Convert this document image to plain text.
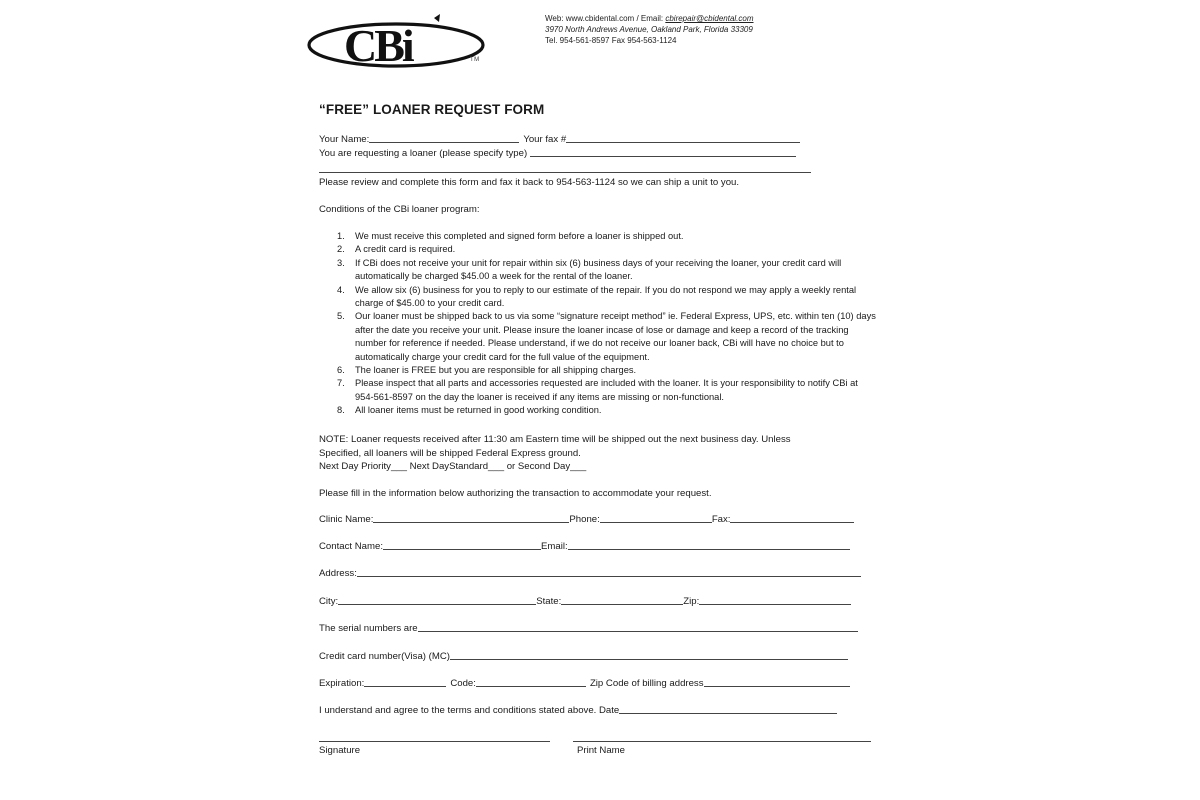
CBi	TM
Web: www.cbidental.com / Email: cbirepair@cbidental.com
3970 North Andrews Avenue, Oakland Park, Florida 33309
Tel. 954-561-8597 Fax 954-563-1124
“FREE” LOANER REQUEST FORM
Your Name:	Your fax #
You are requesting a loaner (please specify type)
Please review and complete this form and fax it back to 954-563-1124 so we can ship a unit to you.
Conditions of the CBi loaner program:
1.	We must receive this completed and signed form before a loaner is shipped out.
2.	A credit card is required.
3.	If CBi does not receive your unit for repair within six (6) business days of your receiving the loaner, your credit card will automatically be charged $45.00 a week for the rental of the loaner.
4.	We allow six (6) business for you to reply to our estimate of the repair. If you do not respond we may apply a weekly rental charge of $45.00 to your credit card.
5.	Our loaner must be shipped back to us via some “signature receipt method” ie. Federal Express, UPS, etc. within ten (10) days after the date you receive your unit. Please insure the loaner incase of lose or damage and keep a record of the tracking number for reference if needed. Please understand, if we do not receive our loaner back, CBi will have no choice but to automatically charge your credit card for the full value of the equipment.
6.	The loaner is FREE but you are responsible for all shipping charges.
7.	Please inspect that all parts and accessories requested are included with the loaner. It is your responsibility to notify CBi at 954-561-8597 on the day the loaner is received if any items are missing or non-functional.
8.	All loaner items must be returned in good working condition.
NOTE: Loaner requests received after 11:30 am Eastern time will be shipped out the next business day. Unless
Specified, all loaners will be shipped Federal Express ground.
Next Day Priority___ Next DayStandard___ or Second Day___
Please fill in the information below authorizing the transaction to accommodate your request.
Clinic Name:	Phone:	Fax:
Contact Name:	Email:
Address:
City:	State:	Zip:
The serial numbers are
Credit card number(Visa) (MC)
Expiration:	Code:	Zip Code of billing address
I understand and agree to the terms and conditions stated above. Date
Signature	Print Name
